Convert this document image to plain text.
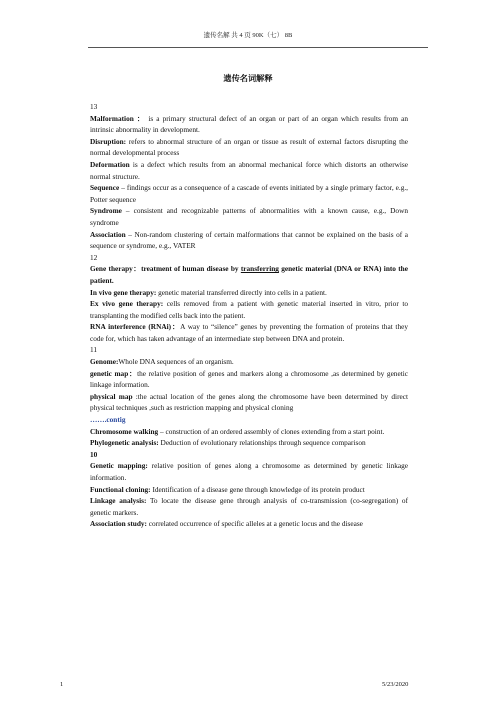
遗传名解 共 4 页 90K（七） 8B
遗传名词解释

13

Malformation ： is a primary structural defect of an organ or part of an organ which results from an intrinsic abnormality in development.

Disruption: refers to abnormal structure of an organ or tissue as result of external factors disrupting the normal developmental process

Deformation is a defect which results from an abnormal mechanical force which distorts an otherwise normal structure.

Sequence – findings occur as a consequence of a cascade of events initiated by a single primary factor, e.g., Potter sequence

Syndrome – consistent and recognizable patterns of abnormalities with a known cause, e.g., Down syndrome

Association – Non-random clustering of certain malformations that cannot be explained on the basis of a sequence or syndrome, e.g., VATER

12

Gene therapy：treatment of human disease by transferring genetic material (DNA or RNA) into the patient.

In vivo gene therapy: genetic material transferred directly into cells in a patient.

Ex vivo gene therapy: cells removed from a patient with genetic material inserted in vitro, prior to transplanting the modified cells back into the patient.

RNA interference (RNAi)：A way to “silence” genes by preventing the formation of proteins that they code for, which has taken advantage of an intermediate step between DNA and protein.

11

Genome:Whole DNA sequences of an organism.

genetic map：the relative position of genes and markers along a chromosome ,as determined by genetic linkage information.

physical map :the actual location of the genes along the chromosome have been determined by direct physical techniques ,such as restriction mapping and physical cloning

…….contig

Chromosome walking – construction of an ordered assembly of clones extending from a start point.

Phylogenetic analysis: Deduction of evolutionary relationships through sequence comparison

10

Genetic mapping: relative position of genes along a chromosome as determined by genetic linkage information.

Functional cloning: Identification of a disease gene through knowledge of its protein product

Linkage analysis: To locate the disease gene through analysis of co-transmission (co-segregation) of genetic markers.

Association study: correlated occurrence of specific alleles at a genetic locus and the disease

1	5/23/2020
